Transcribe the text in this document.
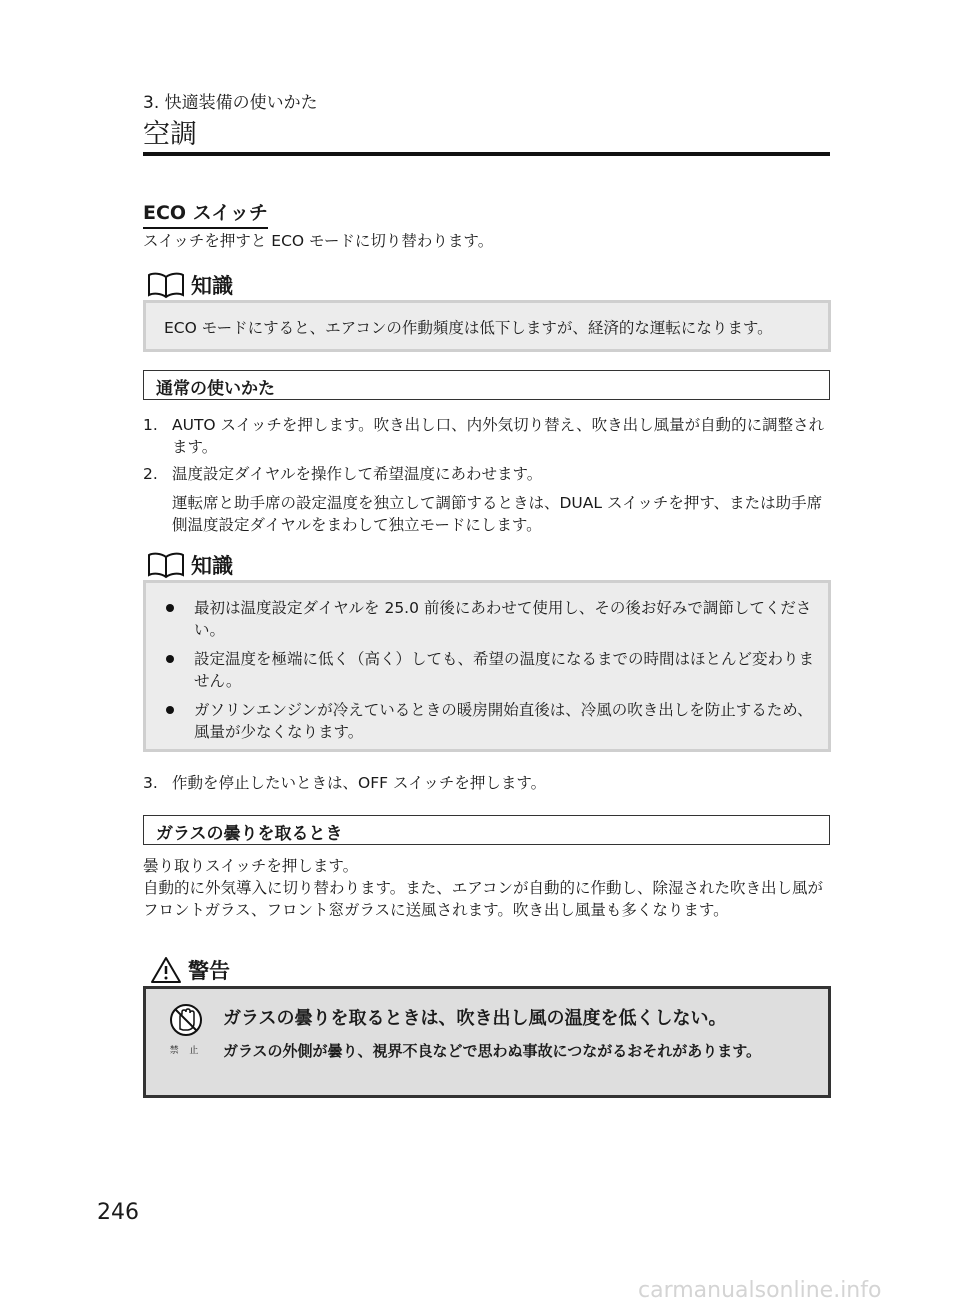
3. 快適装備の使いかた
空調
ECO スイッチ
スイッチを押すと ECO モードに切り替わります。
知識
ECO モードにすると、エアコンの作動頻度は低下しますが、経済的な運転になります。
通常の使いかた
1. AUTO スイッチを押します。吹き出し口、内外気切り替え、吹き出し風量が自動的に調整されます。
2. 温度設定ダイヤルを操作して希望温度にあわせます。
運転席と助手席の設定温度を独立して調節するときは、DUAL スイッチを押す、または助手席側温度設定ダイヤルをまわして独立モードにします。
知識
最初は温度設定ダイヤルを 25.0 前後にあわせて使用し、その後お好みで調節してください。
設定温度を極端に低く（高く）しても、希望の温度になるまでの時間はほとんど変わりません。
ガソリンエンジンが冷えているときの暖房開始直後は、冷風の吹き出しを防止するため、風量が少なくなります。
3. 作動を停止したいときは、OFF スイッチを押します。
ガラスの曇りを取るとき
曇り取りスイッチを押します。
自動的に外気導入に切り替わります。また、エアコンが自動的に作動し、除湿された吹き出し風がフロントガラス、フロント窓ガラスに送風されます。吹き出し風量も多くなります。
警告
禁 止
ガラスの曇りを取るときは、吹き出し風の温度を低くしない。
ガラスの外側が曇り、視界不良などで思わぬ事故につながるおそれがあります。
246
carmanualsonline.info
